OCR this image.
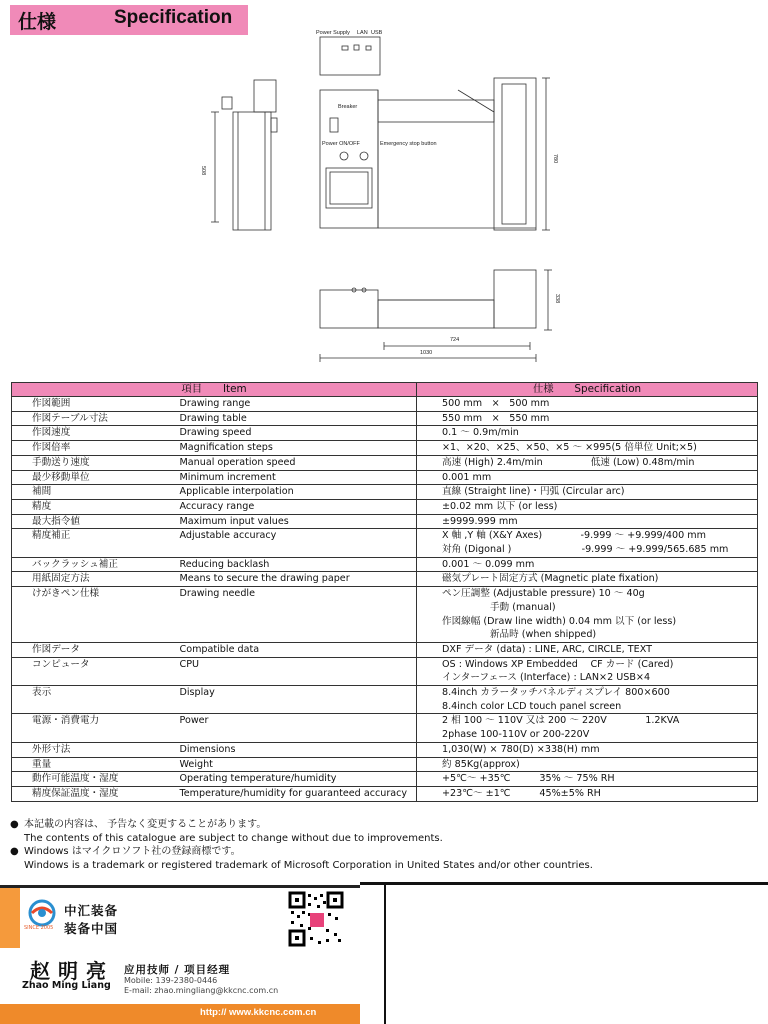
仕様	Specification
Power Supply LAN USB
Breaker
Power ON/OFF	Emergency stop button
508
780
338
724
1030
項目　　Item		仕様　　Specification
作図範囲	Drawing range	500 mm　×　500 mm

作図テーブル寸法	Drawing table	550 mm　×　550 mm

作図速度	Drawing speed	0.1 ～ 0.9m/min

作図倍率	Magnification steps	×1、×20、×25、×50、×5 ～ ×995(5 倍単位 Unit;×5)

手動送り速度	Manual operation speed	高速 (High) 2.4m/min　　　　　低速 (Low) 0.48m/min

最少移動単位	Minimum increment	0.001 mm

補間	Applicable interpolation	直線 (Straight line)・円弧 (Circular arc)

精度	Accuracy range	±0.02 mm 以下 (or less)

最大指令値	Maximum input values	±9999.999 mm

精度補正	Adjustable accuracy	X 軸 ,Y 軸 (X&Y Axes)　　　　-9.999 ～ +9.999/400 mm
対角 (Digonal )　　　　　　　 -9.999 ～ +9.999/565.685 mm

バックラッシュ補正	Reducing backlash	0.001 ～ 0.099 mm

用紙固定方法	Means to secure the drawing paper	磁気プレート固定方式 (Magnetic plate fixation)

けがきペン仕様	Drawing needle	ペン圧調整 (Adjustable pressure) 10 ～ 40g
　　　　　手動 (manual)
作図線幅 (Draw line width) 0.04 mm 以下 (or less)
　　　　　新品時 (when shipped)

作図データ	Compatible data	DXF データ (data) : LINE, ARC, CIRCLE, TEXT

コンピュータ	CPU	OS : Windows XP Embedded　 CF カード (Cared)
インターフェース (Interface) : LAN×2 USB×4

表示	Display	8.4inch カラータッチパネルディスプレイ 800×600
8.4inch color LCD touch panel screen

電源・消費電力	Power	2 相 100 ～ 110V 又は 200 ～ 220V　　　　1.2KVA
2phase 100-110V or 200-220V

外形寸法	Dimensions	1,030(W) × 780(D) ×338(H) mm

重量	Weight	約 85Kg(approx)

動作可能温度・湿度	Operating temperature/humidity	+5℃～ +35℃　　　35% ～ 75% RH

精度保証温度・湿度	Temperature/humidity for guaranteed accuracy	+23℃～ ±1℃　　　45%±5% RH
● 本記載の内容は、 予告なく変更することがあります。
The contents of this catalogue are subject to change without due to improvements.
● Windows はマイクロソフト社の登録商標です。
Windows is a trademark or registered trademark of Microsoft Corporation in United States and/or other countries.
SINCE 2005
中汇装备
装备中国
赵明亮
Zhao Ming Liang
应用技师 / 项目经理
Mobile: 139-2380-0446
E-mail: zhao.mingliang@kkcnc.com.cn
http:// www.kkcnc.com.cn
